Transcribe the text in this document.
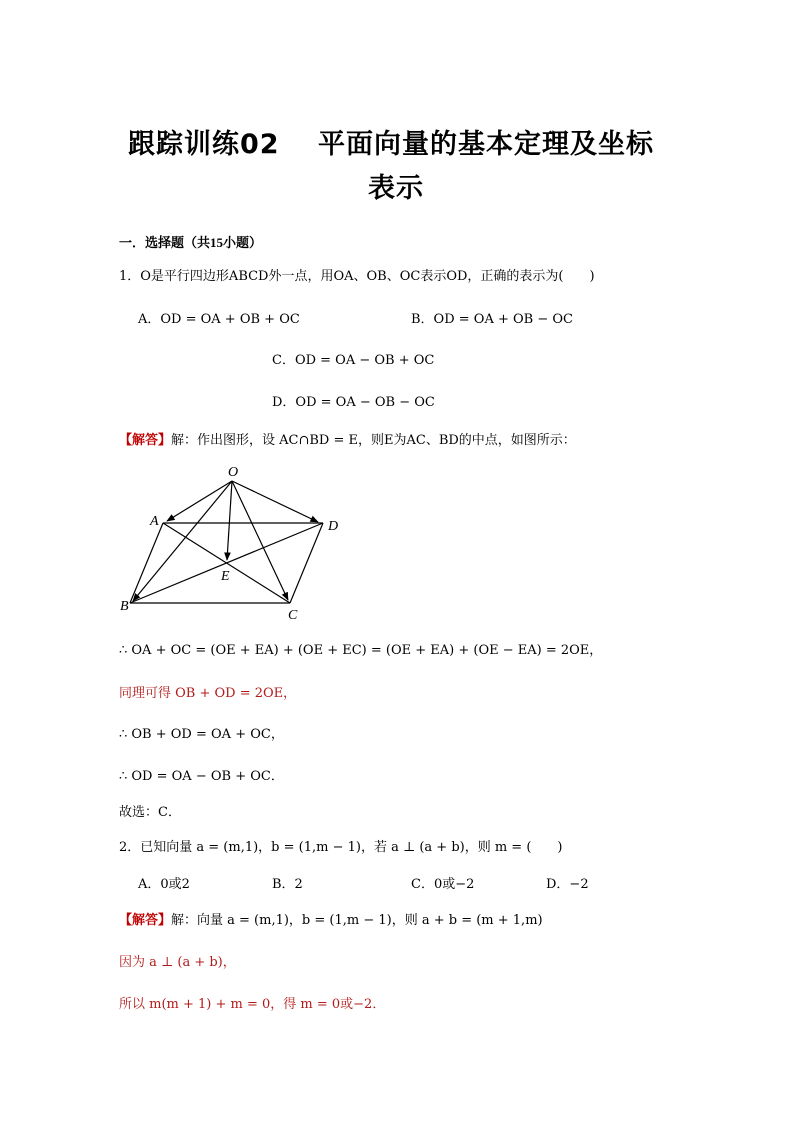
跟踪训练02　 平面向量的基本定理及坐标
表示
一．选择题（共15小题）
1．O是平行四边形ABCD外一点，用OA、OB、OC表示OD，正确的表示为(　　)
A．OD = OA + OB + OC	B．OD = OA + OB − OC
C．OD = OA − OB + OC
D．OD = OA − OB − OC
【解答】解：作出图形，设 AC∩BD = E，则E为AC、BD的中点，如图所示：
O
A	D
B
C
E
∴ OA + OC = (OE + EA) + (OE + EC) = (OE + EA) + (OE − EA) = 2OE，
同理可得 OB + OD = 2OE，
∴ OB + OD = OA + OC，
∴ OD = OA − OB + OC．
故选：C．
2．已知向量 a = (m,1)，b = (1,m − 1)，若 a ⊥ (a + b)，则 m = (　　)
A．0或2	B．2	C．0或−2	D．−2
【解答】解：向量 a = (m,1)，b = (1,m − 1)，则 a + b = (m + 1,m)
因为 a ⊥ (a + b)，
所以 m(m + 1) + m = 0，得 m = 0或−2．
